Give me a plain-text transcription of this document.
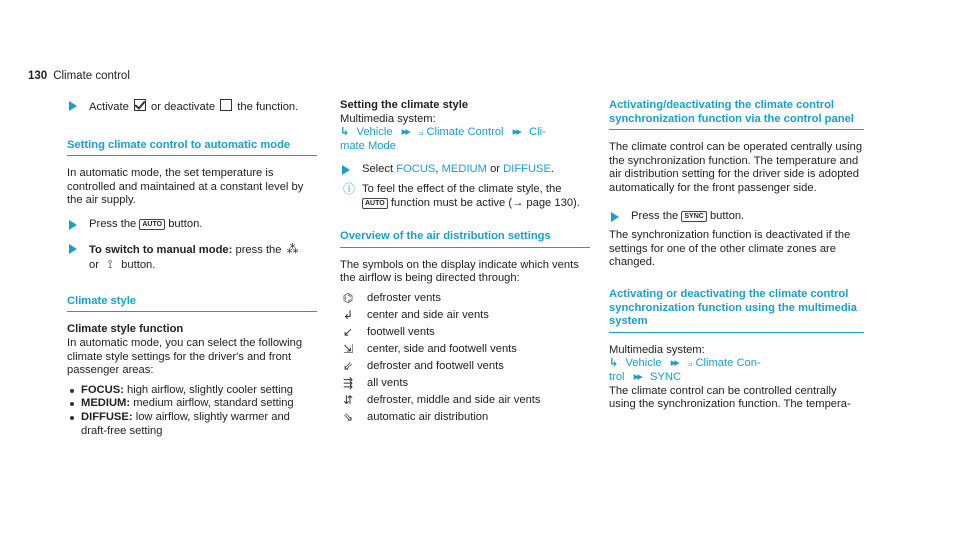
130 Climate control

Activate or deactivate the function.

Setting climate control to automatic mode

In automatic mode, the set temperature is controlled and maintained at a constant level by the air supply.

Press the AUTO button.

To switch to manual mode: press the ⁂
or ⟟ button.

Climate style

Climate style function

In automatic mode, you can select the following climate style settings for the driver's and front passenger areas:

FOCUS: high airflow, slightly cooler setting

MEDIUM: medium airflow, standard setting

DIFFUSE: low airflow, slightly warmer and draft-free setting

Setting the climate style

Multimedia system:

↳ Vehicle ▸▸ ⟓ Climate Control ▸▸ Cli-
mate Mode

Select FOCUS, MEDIUM or DIFFUSE.

ⓘ To feel the effect of the climate style, the
AUTO function must be active (→ page 130).

Overview of the air distribution settings

The symbols on the display indicate which vents the airflow is being directed through:

⌬ defroster vents

↲ center and side air vents

↙ footwell vents

⇲ center, side and footwell vents

⇙ defroster and footwell vents

⇶ all vents

⇵ defroster, middle and side air vents

⇘ automatic air distribution

Activating/deactivating the climate control synchronization function via the control panel

The climate control can be operated centrally using the synchronization function. The temperature and air distribution setting for the driver side is adopted automatically for the front passenger side.

Press the SYNC button.

The synchronization function is deactivated if the settings for one of the other climate zones are changed.

Activating or deactivating the climate control synchronization function using the multimedia system

Multimedia system:

↳ Vehicle ▸▸ ⟓ Climate Con-
trol ▸▸ SYNC

The climate control can be controlled centrally using the synchronization function. The tempera-
